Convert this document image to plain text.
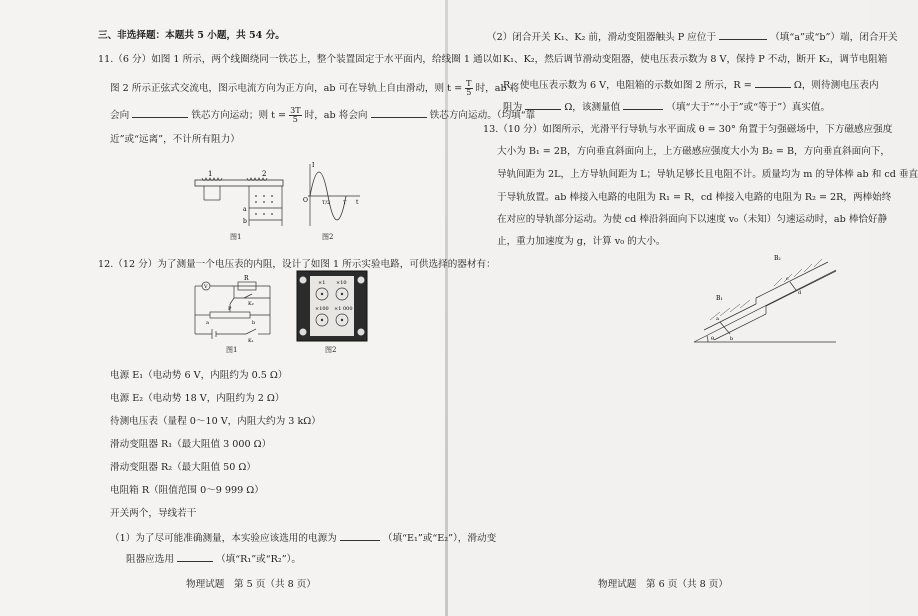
三、非选择题：本题共 5 小题，共 54 分。
11.（6 分）如图 1 所示，两个线圈绕同一铁芯上，整个装置固定于水平面内，给线圈 1 通以如
图 2 所示正弦式交流电，图示电流方向为正方向，ab 可在导轨上自由滑动，则 $t = \frac{T}{5}$ 时，ab 将
会向	铁芯方向运动；则 $t = \frac{3T}{5}$ 时，ab 将会向	铁芯方向运动。（均填“靠
近”或“远离”，不计所有阻力）
1	2
a
b
图1
I
t
O	T
T/2
图2
12.（12 分）为了测量一个电压表的内阻，设计了如图 1 所示实验电路，可供选择的器材有：
V
R
K₂
P
a	b
K₁
图1
×1 ×10
×100 ×1 000
图2
电源 E₁（电动势 6 V，内阻约为 0.5 Ω）
电源 E₂（电动势 18 V，内阻约为 2 Ω）
待测电压表（量程 0～10 V，内阻大约为 3 kΩ）
滑动变阻器 R₁（最大阻值 3 000 Ω）
滑动变阻器 R₂（最大阻值 50 Ω）
电阻箱 R（阻值范围 0～9 999 Ω）
开关两个，导线若干
（1）为了尽可能准确测量，本实验应该选用的电源为	（填“E₁”或“E₂”），滑动变
阻器应选用	（填“R₁”或“R₂”）。
物理试题　第 5 页（共 8 页）
（2）闭合开关 K₁、K₂ 前，滑动变阻器触头 P 应位于	（填“a”或“b”）端，闭合开关
K₁、K₂，然后调节滑动变阻器，使电压表示数为 8 V，保持 P 不动，断开 K₂，调节电阻箱
R，使电压表示数为 6 V，电阻箱的示数如图 2 所示，R =	Ω，则待测电压表内
阻为	Ω，该测量值	（填“大于”“小于”或“等于”）真实值。
13.（10 分）如图所示，光滑平行导轨与水平面成 θ = 30° 角置于匀强磁场中，下方磁感应强度
大小为 B₁ = 2B，方向垂直斜面向上，上方磁感应强度大小为 B₂ = B，方向垂直斜面向下，
导轨间距为 2L，上方导轨间距为 L；导轨足够长且电阻不计。质量均为 m 的导体棒 ab 和 cd 垂直
于导轨放置。ab 棒接入电路的电阻为 R₁ = R，cd 棒接入电路的电阻为 R₂ = 2R，两棒始终
在对应的导轨部分运动。为使 cd 棒沿斜面向下以速度 v₀（未知）匀速运动时，ab 棒恰好静
止，重力加速度为 g，计算 v₀ 的大小。
B₂
B₁
a
b
c
d
θ
物理试题　第 6 页（共 8 页）
